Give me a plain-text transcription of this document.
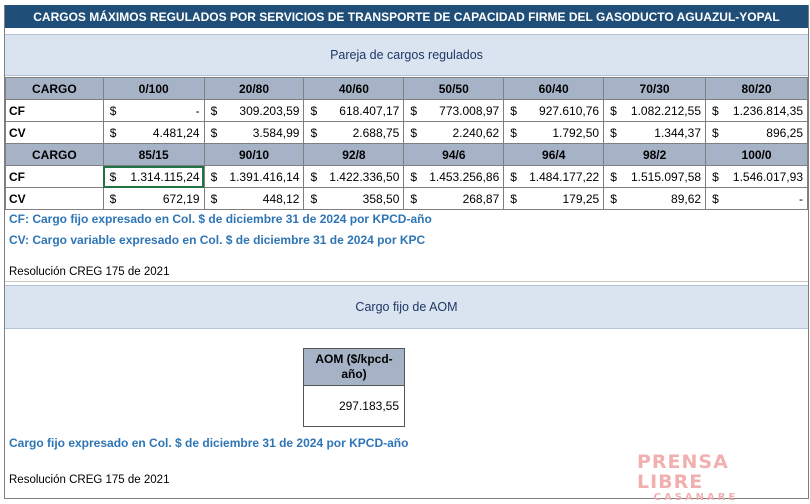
CARGOS MÁXIMOS REGULADOS POR SERVICIOS DE TRANSPORTE DE CAPACIDAD FIRME DEL GASODUCTO AGUAZUL-YOPAL
Pareja de cargos regulados
CARGO	0/100	20/80	40/60	50/50	60/40	70/30	80/20
CF	$ -	$ 309.203,59	$ 618.407,17	$ 773.008,97	$ 927.610,76	$ 1.082.212,55	$ 1.236.814,35

CV	$ 4.481,24	$ 3.584,99	$ 2.688,75	$ 2.240,62	$ 1.792,50	$ 1.344,37	$ 896,25
CARGO	85/15	90/10	92/8	94/6	96/4	98/2	100/0
CF	$ 1.314.115,24	$ 1.391.416,14	$ 1.422.336,50	$ 1.453.256,86	$ 1.484.177,22	$ 1.515.097,58	$ 1.546.017,93

CV	$ 672,19	$ 448,12	$ 358,50	$ 268,87	$ 179,25	$ 89,62	$ -
CF: Cargo fijo expresado en Col. $ de diciembre 31 de 2024 por KPCD-año
CV: Cargo variable expresado en Col. $ de diciembre 31 de 2024 por KPC
Resolución CREG 175 de 2021
Cargo fijo de AOM
AOM ($/kpcd-año)
297.183,55
Cargo fijo expresado en Col. $ de diciembre 31 de 2024 por KPCD-año
Resolución CREG 175 de 2021
PRENSA LIBRE
CASANARE
